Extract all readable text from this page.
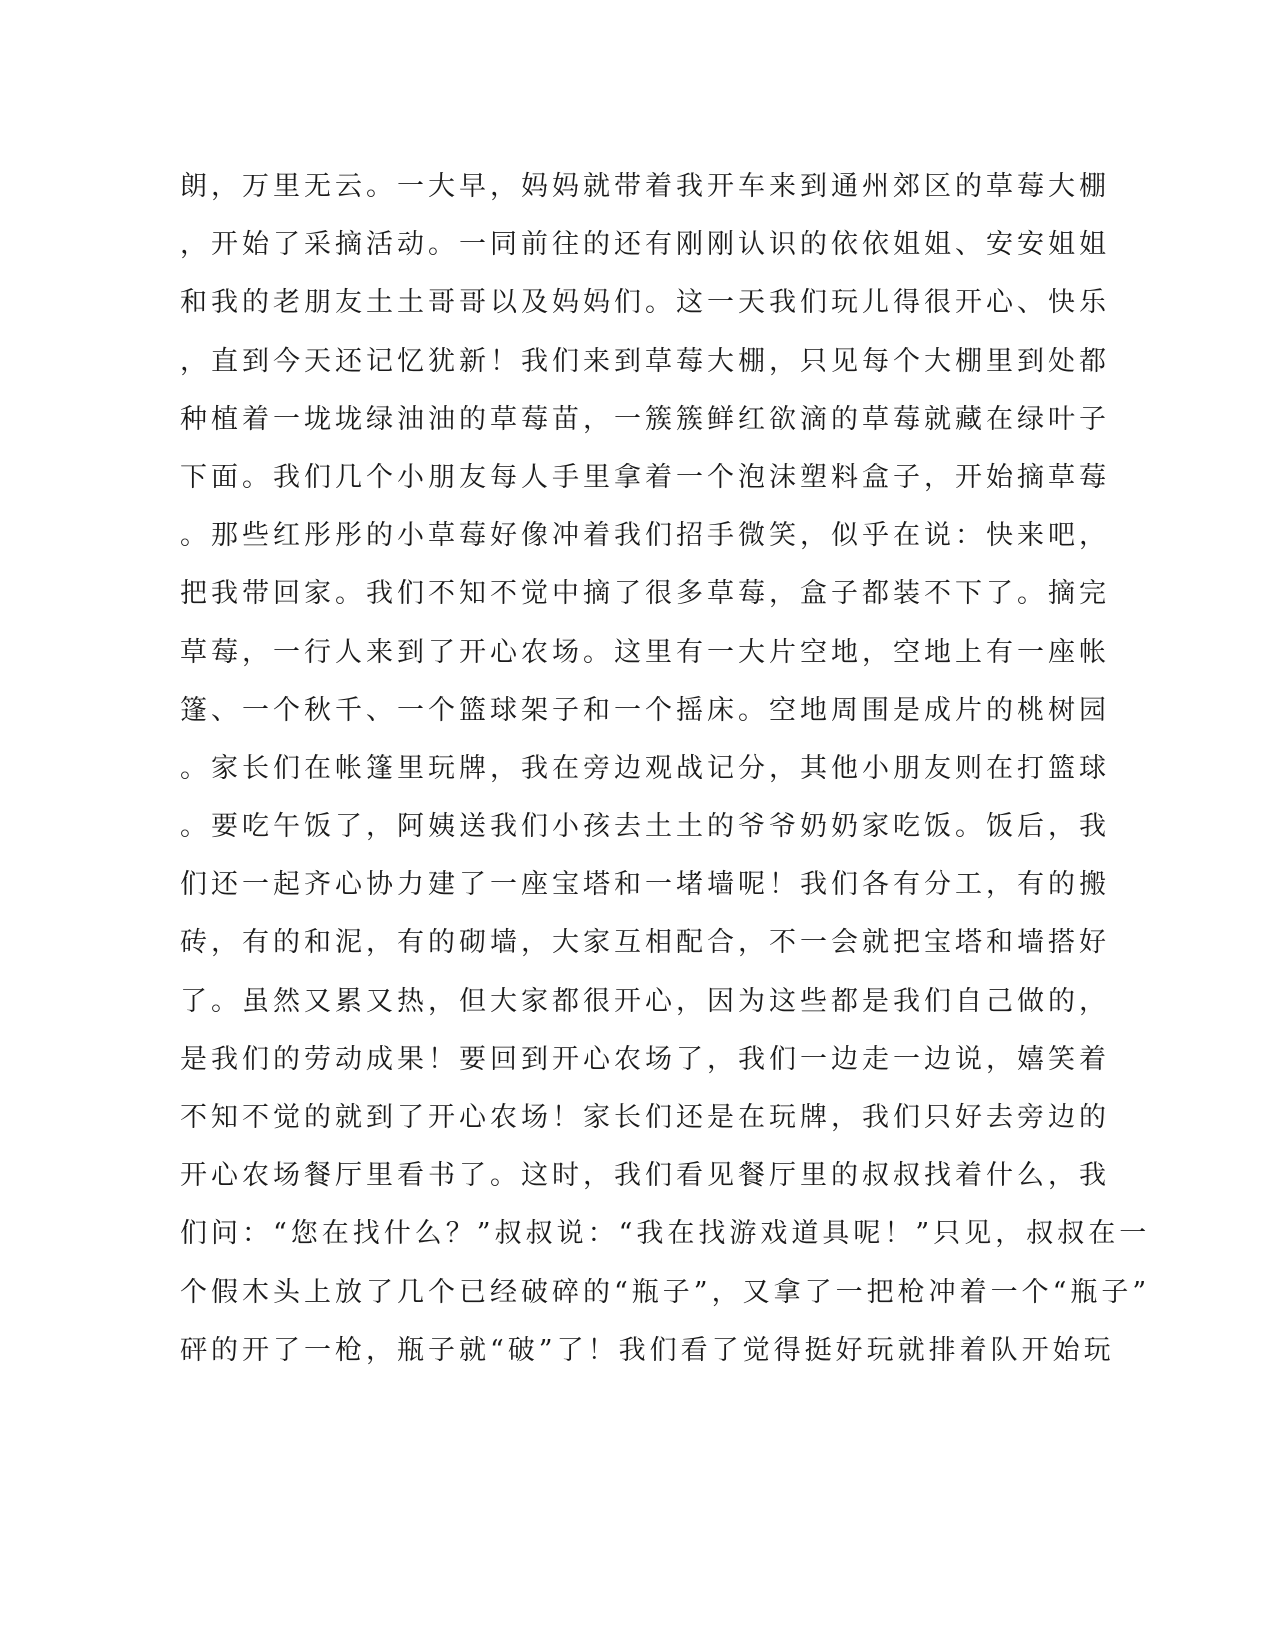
朗，万里无云。一大早，妈妈就带着我开车来到通州郊区的草莓大棚
，开始了采摘活动。一同前往的还有刚刚认识的依依姐姐、安安姐姐
和我的老朋友土土哥哥以及妈妈们。这一天我们玩儿得很开心、快乐
，直到今天还记忆犹新！我们来到草莓大棚，只见每个大棚里到处都
种植着一垅垅绿油油的草莓苗，一簇簇鲜红欲滴的草莓就藏在绿叶子
下面。我们几个小朋友每人手里拿着一个泡沫塑料盒子，开始摘草莓
。那些红彤彤的小草莓好像冲着我们招手微笑，似乎在说：快来吧，
把我带回家。我们不知不觉中摘了很多草莓，盒子都装不下了。摘完
草莓，一行人来到了开心农场。这里有一大片空地，空地上有一座帐
篷、一个秋千、一个篮球架子和一个摇床。空地周围是成片的桃树园
。家长们在帐篷里玩牌，我在旁边观战记分，其他小朋友则在打篮球
。要吃午饭了，阿姨送我们小孩去土土的爷爷奶奶家吃饭。饭后，我
们还一起齐心协力建了一座宝塔和一堵墙呢！我们各有分工，有的搬
砖，有的和泥，有的砌墙，大家互相配合，不一会就把宝塔和墙搭好
了。虽然又累又热，但大家都很开心，因为这些都是我们自己做的，
是我们的劳动成果！要回到开心农场了，我们一边走一边说，嬉笑着
不知不觉的就到了开心农场！家长们还是在玩牌，我们只好去旁边的
开心农场餐厅里看书了。这时，我们看见餐厅里的叔叔找着什么，我
们问：“您在找什么？”叔叔说：“我在找游戏道具呢！”只见，叔叔在一
个假木头上放了几个已经破碎的“瓶子”，又拿了一把枪冲着一个“瓶子”
砰的开了一枪，瓶子就“破”了！我们看了觉得挺好玩就排着队开始玩
